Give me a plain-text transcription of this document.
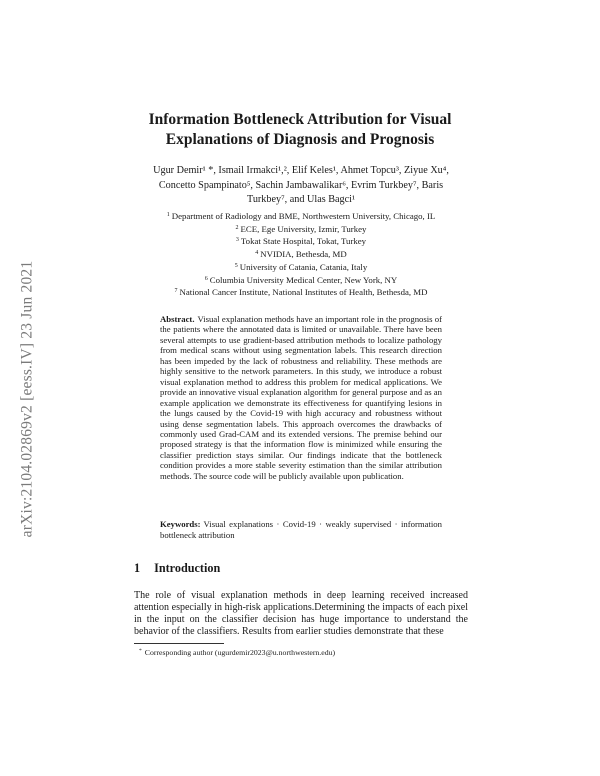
arXiv:2104.02869v2 [eess.IV] 23 Jun 2021
Information Bottleneck Attribution for Visual Explanations of Diagnosis and Prognosis

Ugur Demir¹ *, Ismail Irmakci¹,², Elif Keles¹, Ahmet Topcu³, Ziyue Xu⁴, Concetto Spampinato⁵, Sachin Jambawalikar⁶, Evrim Turkbey⁷, Baris Turkbey⁷, and Ulas Bagci¹

$^1$ Department of Radiology and BME, Northwestern University, Chicago, IL
$^2$ ECE, Ege University, Izmir, Turkey
$^3$ Tokat State Hospital, Tokat, Turkey
$^4$ NVIDIA, Bethesda, MD
$^5$ University of Catania, Catania, Italy
$^6$ Columbia University Medical Center, New York, NY
$^7$ National Cancer Institute, National Institutes of Health, Bethesda, MD

Abstract. Visual explanation methods have an important role in the prognosis of the patients where the annotated data is limited or unavailable. There have been several attempts to use gradient-based attribution methods to localize pathology from medical scans without using segmentation labels. This research direction has been impeded by the lack of robustness and reliability. These methods are highly sensitive to the network parameters. In this study, we introduce a robust visual explanation method to address this problem for medical applications. We provide an innovative visual explanation algorithm for general purpose and as an example application we demonstrate its effectiveness for quantifying lesions in the lungs caused by the Covid-19 with high accuracy and robustness without using dense segmentation labels. This approach overcomes the drawbacks of commonly used Grad-CAM and its extended versions. The premise behind our proposed strategy is that the information flow is minimized while ensuring the classifier prediction stays similar. Our findings indicate that the bottleneck condition provides a more stable severity estimation than the similar attribution methods. The source code will be publicly available upon publication.

Keywords: Visual explanations · Covid-19 · weakly supervised · information bottleneck attribution

1 Introduction

The role of visual explanation methods in deep learning received increased attention especially in high-risk applications.Determining the impacts of each pixel in the input on the classifier decision has huge importance to understand the behavior of the classifiers. Results from earlier studies demonstrate that these

* Corresponding author (ugurdemir2023@u.northwestern.edu)
